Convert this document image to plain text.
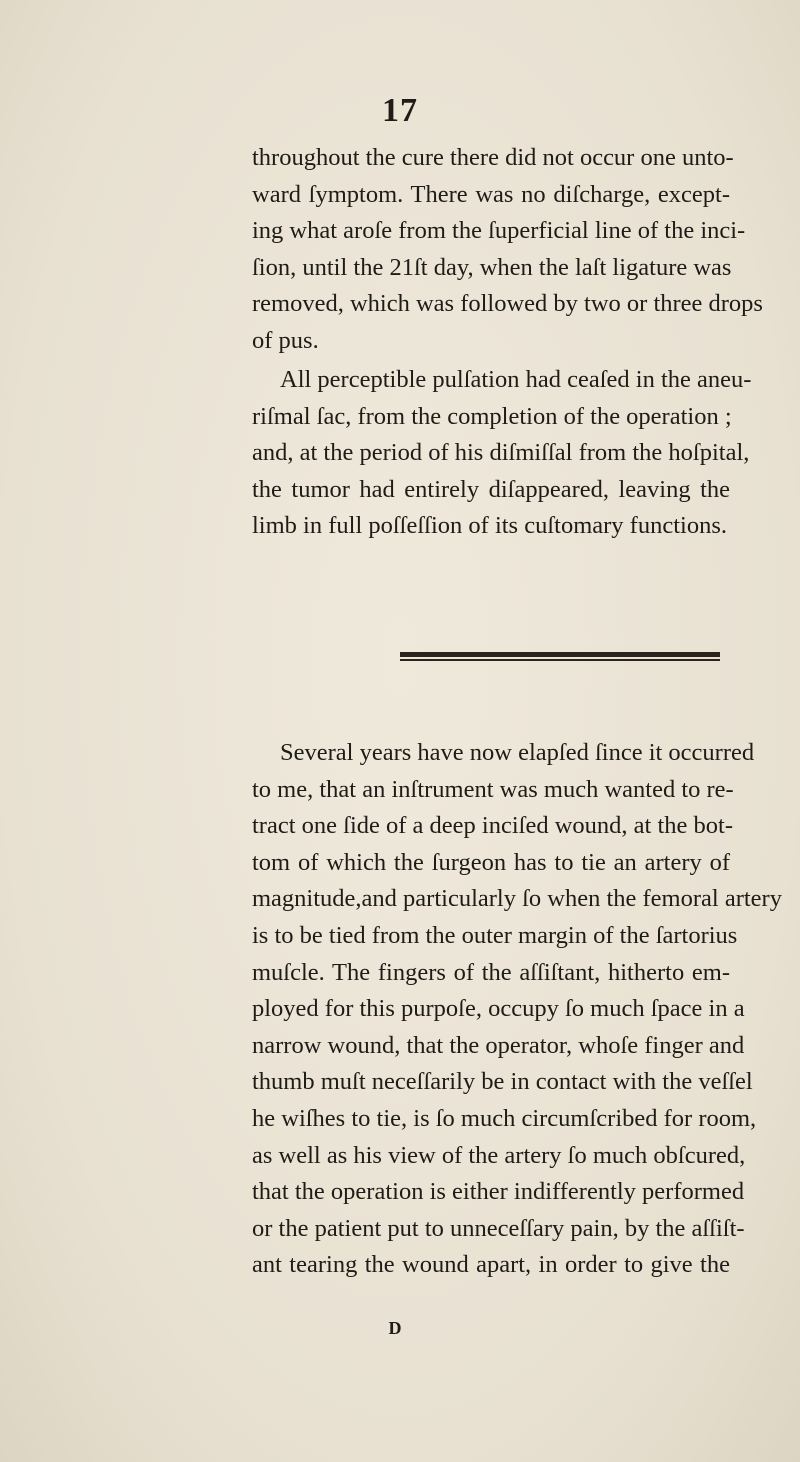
17
throughout the cure there did not occur one unto-
ward ſymptom. There was no diſcharge, except-
ing what aroſe from the ſuperficial line of the inci-
ſion, until the 21ſt day, when the laſt ligature was
removed, which was followed by two or three drops
of pus.
All perceptible pulſation had ceaſed in the aneu-
riſmal ſac, from the completion of the operation ;
and, at the period of his diſmiſſal from the hoſpital,
the tumor had entirely diſappeared, leaving the
limb in full poſſeſſion of its cuſtomary functions.
Several years have now elapſed ſince it occurred
to me, that an inſtrument was much wanted to re-
tract one ſide of a deep inciſed wound, at the bot-
tom of which the ſurgeon has to tie an artery of
magnitude,and particularly ſo when the femoral artery
is to be tied from the outer margin of the ſartorius
muſcle. The fingers of the aſſiſtant, hitherto em-
ployed for this purpoſe, occupy ſo much ſpace in a
narrow wound, that the operator, whoſe finger and
thumb muſt neceſſarily be in contact with the veſſel
he wiſhes to tie, is ſo much circumſcribed for room,
as well as his view of the artery ſo much obſcured,
that the operation is either indifferently performed
or the patient put to unneceſſary pain, by the aſſiſt-
ant tearing the wound apart, in order to give the
D
